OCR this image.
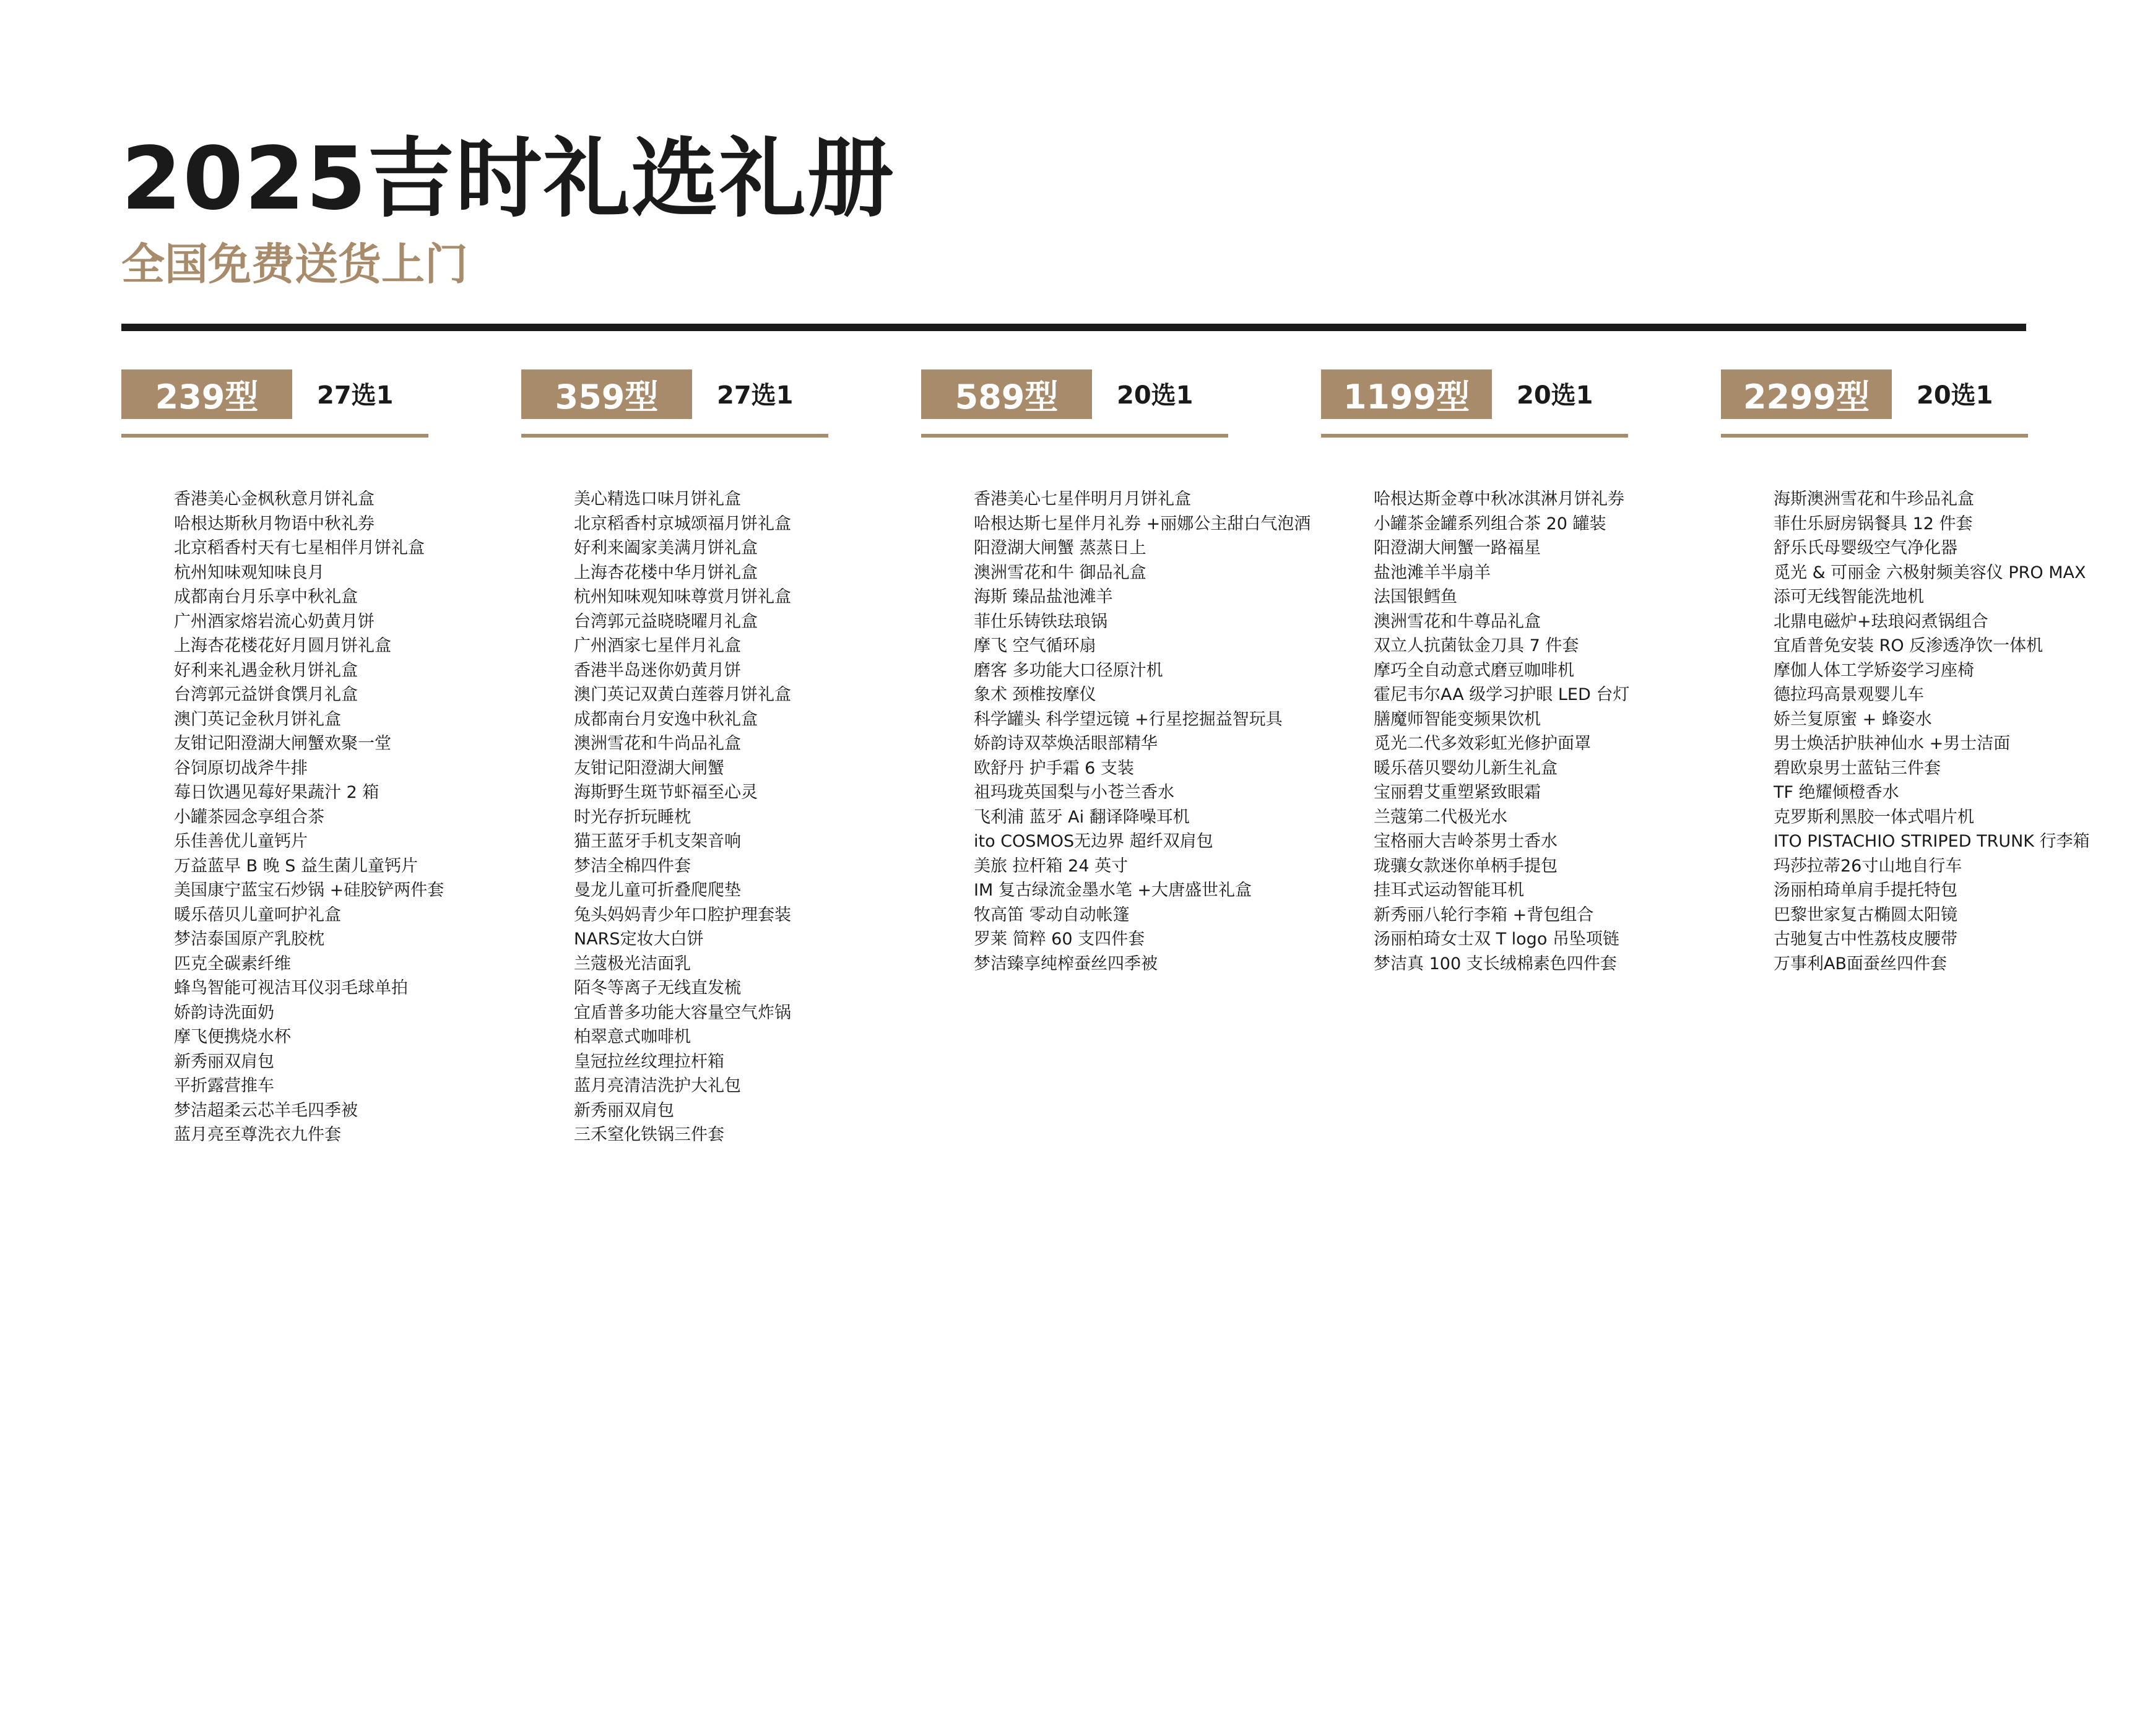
2025吉时礼选礼册
全国免费送货上门
239型	27选1
香港美心金枫秋意月饼礼盒
哈根达斯秋月物语中秋礼券
北京稻香村天有七星相伴月饼礼盒
杭州知味观知味良月
成都南台月乐享中秋礼盒
广州酒家熔岩流心奶黄月饼
上海杏花楼花好月圆月饼礼盒
好利来礼遇金秋月饼礼盒
台湾郭元益饼食馔月礼盒
澳门英记金秋月饼礼盒
友钳记阳澄湖大闸蟹欢聚一堂
谷饲原切战斧牛排
莓日饮遇见莓好果蔬汁 2 箱
小罐茶园念享组合茶
乐佳善优儿童钙片
万益蓝早 B 晚 S 益生菌儿童钙片
美国康宁蓝宝石炒锅 +硅胶铲两件套
暖乐蓓贝儿童呵护礼盒
梦洁泰国原产乳胶枕
匹克全碳素纤维
蜂鸟智能可视洁耳仪羽毛球单拍
娇韵诗洗面奶
摩飞便携烧水杯
新秀丽双肩包
平折露营推车
梦洁超柔云芯羊毛四季被
蓝月亮至尊洗衣九件套
359型	27选1
美心精选口味月饼礼盒
北京稻香村京城颂福月饼礼盒
好利来阖家美满月饼礼盒
上海杏花楼中华月饼礼盒
杭州知味观知味尊赏月饼礼盒
台湾郭元益晓晓曜月礼盒
广州酒家七星伴月礼盒
香港半岛迷你奶黄月饼
澳门英记双黄白莲蓉月饼礼盒
成都南台月安逸中秋礼盒
澳洲雪花和牛尚品礼盒
友钳记阳澄湖大闸蟹
海斯野生斑节虾福至心灵
时光存折玩睡枕
猫王蓝牙手机支架音响
梦洁全棉四件套
曼龙儿童可折叠爬爬垫
兔头妈妈青少年口腔护理套装
NARS定妆大白饼
兰蔻极光洁面乳
陌冬等离子无线直发梳
宜盾普多功能大容量空气炸锅
柏翠意式咖啡机
皇冠拉丝纹理拉杆箱
蓝月亮清洁洗护大礼包
新秀丽双肩包
三禾窒化铁锅三件套
589型	20选1
香港美心七星伴明月月饼礼盒
哈根达斯七星伴月礼券 +丽娜公主甜白气泡酒
阳澄湖大闸蟹 蒸蒸日上
澳洲雪花和牛 御品礼盒
海斯 臻品盐池滩羊
菲仕乐铸铁珐琅锅
摩飞 空气循环扇
磨客 多功能大口径原汁机
象术 颈椎按摩仪
科学罐头 科学望远镜 +行星挖掘益智玩具
娇韵诗双萃焕活眼部精华
欧舒丹 护手霜 6 支装
祖玛珑英国梨与小苍兰香水
飞利浦 蓝牙 Ai 翻译降噪耳机
ito COSMOS无边界 超纤双肩包
美旅 拉杆箱 24 英寸
IM 复古绿流金墨水笔 +大唐盛世礼盒
牧高笛 零动自动帐篷
罗莱 简粹 60 支四件套
梦洁臻享纯榨蚕丝四季被
1199型	20选1
哈根达斯金尊中秋冰淇淋月饼礼券
小罐茶金罐系列组合茶 20 罐装
阳澄湖大闸蟹一路福星
盐池滩羊半扇羊
法国银鳕鱼
澳洲雪花和牛尊品礼盒
双立人抗菌钛金刀具 7 件套
摩巧全自动意式磨豆咖啡机
霍尼韦尔AA 级学习护眼 LED 台灯
膳魔师智能变频果饮机
觅光二代多效彩虹光修护面罩
暖乐蓓贝婴幼儿新生礼盒
宝丽碧艾重塑紧致眼霜
兰蔻第二代极光水
宝格丽大吉岭茶男士香水
珑骧女款迷你单柄手提包
挂耳式运动智能耳机
新秀丽八轮行李箱 +背包组合
汤丽柏琦女士双 T logo 吊坠项链
梦洁真 100 支长绒棉素色四件套
2299型	20选1
海斯澳洲雪花和牛珍品礼盒
菲仕乐厨房锅餐具 12 件套
舒乐氏母婴级空气净化器
觅光 & 可丽金 六极射频美容仪 PRO MAX
添可无线智能洗地机
北鼎电磁炉+珐琅闷煮锅组合
宜盾普免安装 RO 反渗透净饮一体机
摩伽人体工学矫姿学习座椅
德拉玛高景观婴儿车
娇兰复原蜜 + 蜂姿水
男士焕活护肤神仙水 +男士洁面
碧欧泉男士蓝钻三件套
TF 绝耀倾橙香水
克罗斯利黑胶一体式唱片机
ITO PISTACHIO STRIPED TRUNK 行李箱
玛莎拉蒂26寸山地自行车
汤丽柏琦单肩手提托特包
巴黎世家复古椭圆太阳镜
古驰复古中性荔枝皮腰带
万事利AB面蚕丝四件套
